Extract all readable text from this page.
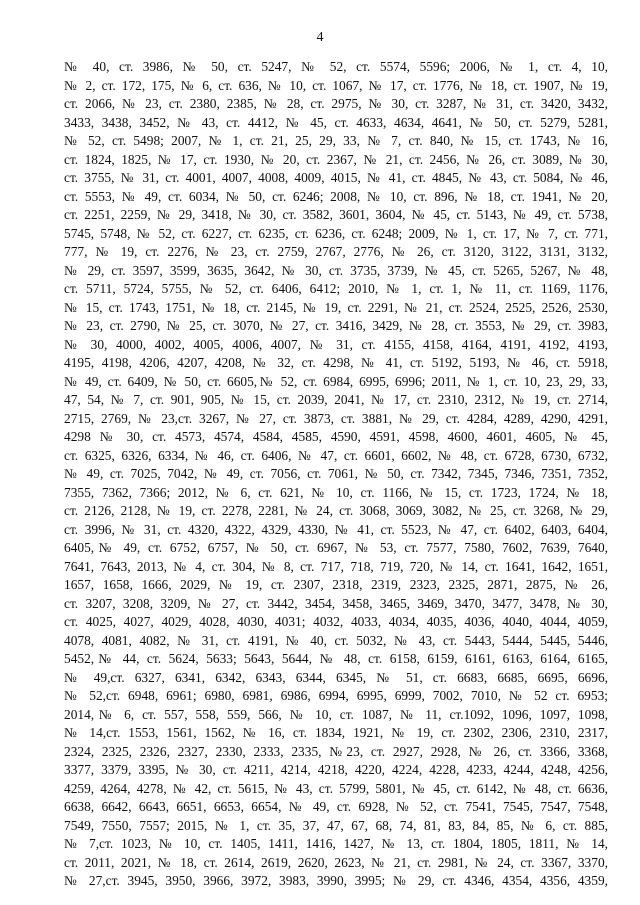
4
№ 40, ст. 3986, № 50, ст. 5247, № 52, ст. 5574, 5596; 2006, № 1, ст. 4, 10,
№ 2, ст. 172, 175, № 6, ст. 636, № 10, ст. 1067, № 17, ст. 1776, № 18, ст. 1907, № 19,
ст. 2066, № 23, ст. 2380, 2385, № 28, ст. 2975, № 30, ст. 3287, № 31, ст. 3420, 3432,
3433, 3438, 3452, № 43, ст. 4412, № 45, ст. 4633, 4634, 4641, № 50, ст. 5279, 5281,
№ 52, ст. 5498; 2007, № 1, ст. 21, 25, 29, 33, № 7, ст. 840, № 15, ст. 1743, № 16,
ст. 1824, 1825, № 17, ст. 1930, № 20, ст. 2367, № 21, ст. 2456, № 26, ст. 3089, № 30,
ст. 3755, № 31, ст. 4001, 4007, 4008, 4009, 4015, № 41, ст. 4845, № 43, ст. 5084, № 46,
ст. 5553, № 49, ст. 6034, № 50, ст. 6246; 2008, № 10, ст. 896, № 18, ст. 1941, № 20,
ст. 2251, 2259, № 29, 3418, № 30, ст. 3582, 3601, 3604, № 45, ст. 5143, № 49, ст. 5738,
5745, 5748, № 52, ст. 6227, ст. 6235, ст. 6236, ст. 6248; 2009, № 1, ст. 17, № 7, ст. 771,
777, № 19, ст. 2276, № 23, ст. 2759, 2767, 2776, № 26, ст. 3120, 3122, 3131, 3132,
№ 29, ст. 3597, 3599, 3635, 3642, № 30, ст. 3735, 3739, № 45, ст. 5265, 5267, № 48,
ст. 5711, 5724, 5755, № 52, ст. 6406, 6412; 2010, № 1, ст. 1, № 11, ст. 1169, 1176,
№ 15, ст. 1743, 1751, № 18, ст. 2145, № 19, ст. 2291, № 21, ст. 2524, 2525, 2526, 2530,
№ 23, ст. 2790, № 25, ст. 3070, № 27, ст. 3416, 3429, № 28, ст. 3553, № 29, ст. 3983,
№ 30, 4000, 4002, 4005, 4006, 4007, № 31, ст. 4155, 4158, 4164, 4191, 4192, 4193,
4195, 4198, 4206, 4207, 4208, № 32, ст. 4298, № 41, ст. 5192, 5193, № 46, ст. 5918,
№ 49, ст. 6409, № 50, ст. 6605,№ 52, ст. 6984, 6995, 6996; 2011, № 1, ст. 10, 23, 29, 33,
47, 54, № 7, ст. 901, 905, № 15, ст. 2039, 2041, № 17, ст. 2310, 2312, № 19, ст. 2714,
2715, 2769, № 23,ст. 3267, № 27, ст. 3873, ст. 3881, № 29, ст. 4284, 4289, 4290, 4291,
4298 № 30, ст. 4573, 4574, 4584, 4585, 4590, 4591, 4598, 4600, 4601, 4605, № 45,
ст. 6325, 6326, 6334, № 46, ст. 6406, № 47, ст. 6601, 6602, № 48, ст. 6728, 6730, 6732,
№ 49, ст. 7025, 7042, № 49, ст. 7056, ст. 7061, № 50, ст. 7342, 7345, 7346, 7351, 7352,
7355, 7362, 7366; 2012, № 6, ст. 621, № 10, ст. 1166, № 15, ст. 1723, 1724, № 18,
ст. 2126, 2128, № 19, ст. 2278, 2281, № 24, ст. 3068, 3069, 3082, № 25, ст. 3268, № 29,
ст. 3996, № 31, ст. 4320, 4322, 4329, 4330, № 41, ст. 5523, № 47, ст. 6402, 6403, 6404,
6405,№ 49, ст. 6752, 6757, № 50, ст. 6967, № 53, ст. 7577, 7580, 7602, 7639, 7640,
7641, 7643, 2013, № 4, ст. 304, № 8, ст. 717, 718, 719, 720, № 14, ст. 1641, 1642, 1651,
1657, 1658, 1666, 2029, № 19, ст. 2307, 2318, 2319, 2323, 2325, 2871, 2875, № 26,
ст. 3207, 3208, 3209, № 27, ст. 3442, 3454, 3458, 3465, 3469, 3470, 3477, 3478, № 30,
ст. 4025, 4027, 4029, 4028, 4030, 4031; 4032, 4033, 4034, 4035, 4036, 4040, 4044, 4059,
4078, 4081, 4082, № 31, ст. 4191, № 40, ст. 5032, № 43, ст. 5443, 5444, 5445, 5446,
5452,№ 44, ст. 5624, 5633; 5643, 5644, № 48, ст. 6158, 6159, 6161, 6163, 6164, 6165,
№ 49,ст. 6327, 6341, 6342, 6343, 6344, 6345, № 51, ст. 6683, 6685, 6695, 6696,
№ 52,ст. 6948, 6961; 6980, 6981, 6986, 6994, 6995, 6999, 7002, 7010, № 52 ст. 6953;
2014,№ 6, ст. 557, 558, 559, 566, № 10, ст. 1087, № 11, ст.1092, 1096, 1097, 1098,
№ 14,ст. 1553, 1561, 1562, № 16, ст. 1834, 1921, № 19, ст. 2302, 2306, 2310, 2317,
2324, 2325, 2326, 2327, 2330, 2333, 2335, №23, ст. 2927, 2928, № 26, ст. 3366, 3368,
3377, 3379, 3395, № 30, ст. 4211, 4214, 4218, 4220, 4224, 4228, 4233, 4244, 4248, 4256,
4259, 4264, 4278, № 42, ст. 5615, № 43, ст. 5799, 5801, № 45, ст. 6142, № 48, ст. 6636,
6638, 6642, 6643, 6651, 6653, 6654, № 49, ст. 6928, № 52, ст. 7541, 7545, 7547, 7548,
7549, 7550, 7557; 2015, № 1, ст. 35, 37, 47, 67, 68, 74, 81, 83, 84, 85, № 6, ст. 885,
№ 7,ст. 1023, № 10, ст. 1405, 1411, 1416, 1427, № 13, ст. 1804, 1805, 1811, № 14,
ст. 2011, 2021, № 18, ст. 2614, 2619, 2620, 2623, № 21, ст. 2981, № 24, ст. 3367, 3370,
№ 27,ст. 3945, 3950, 3966, 3972, 3983, 3990, 3995; № 29, ст. 4346, 4354, 4356, 4359,
